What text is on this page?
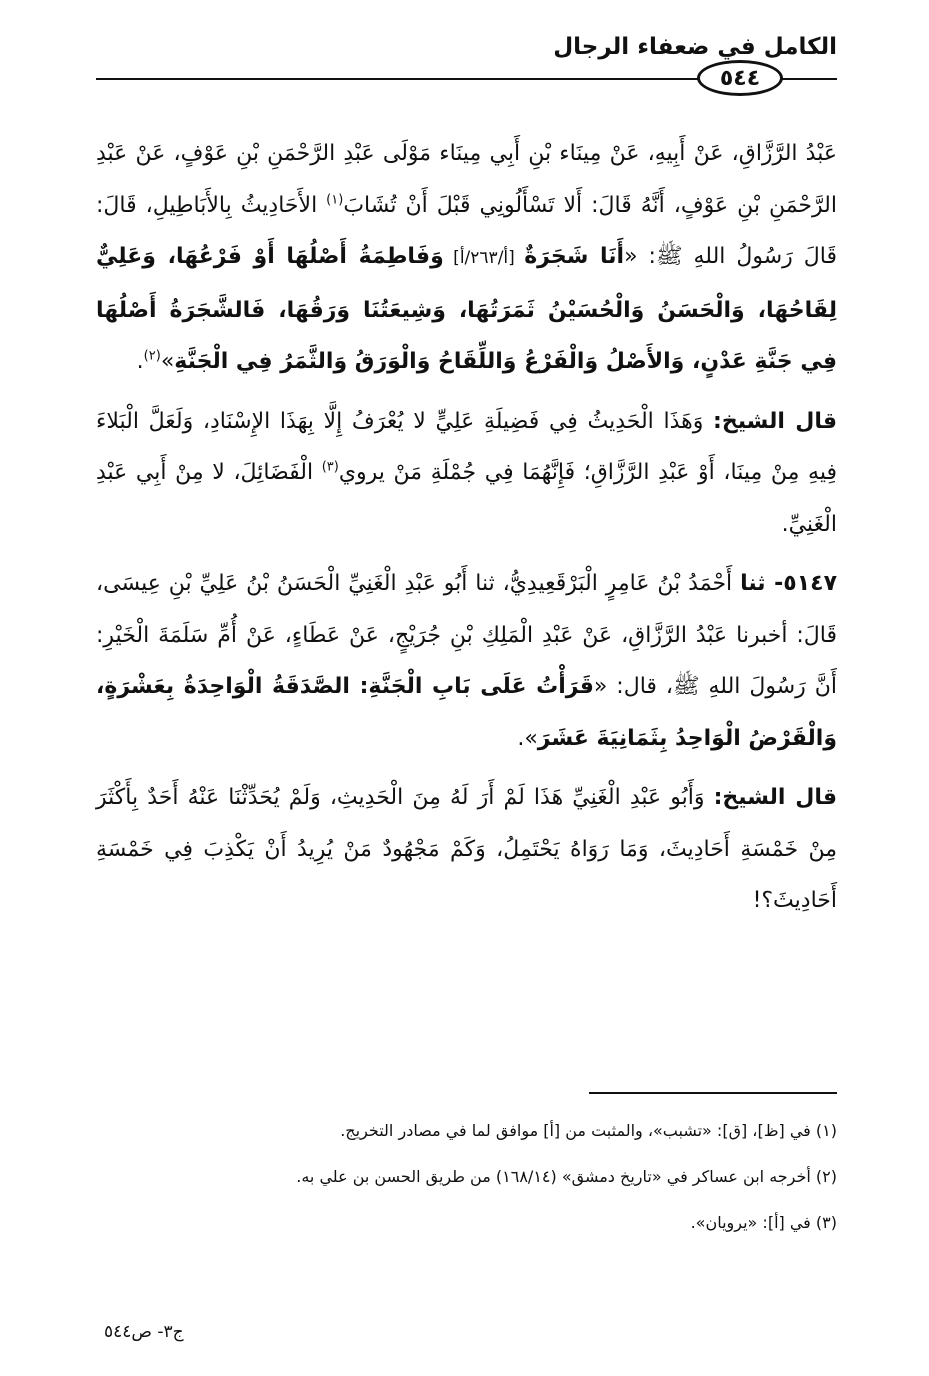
الكامل في ضعفاء الرجال
٥٤٤

عَبْدُ الرَّزَّاقِ، عَنْ أَبِيهِ، عَنْ مِينَاء بْنِ أَبِي مِينَاء مَوْلَى عَبْدِ الرَّحْمَنِ بْنِ عَوْفٍ، عَنْ عَبْدِ الرَّحْمَنِ بْنِ عَوْفٍ، أَنَّهُ قَالَ: أَلا تَسْأَلُونِي قَبْلَ أَنْ تُشَابَ$^{(١)}$ الأَحَادِيثُ بِالأَبَاطِيلِ، قَالَ: قَالَ رَسُولُ اللهِ ﷺ: «أَنَا شَجَرَةٌ [أ/٢٦٣/أ] وَفَاطِمَةُ أَصْلُهَا أَوْ فَرْعُهَا، وَعَلِيٌّ لِقَاحُهَا، وَالْحَسَنُ وَالْحُسَيْنُ ثَمَرَتُهَا، وَشِيعَتُنَا وَرَقُهَا، فَالشَّجَرَةُ أَصْلُهَا فِي جَنَّةِ عَدْنٍ، وَالأَصْلُ وَالْفَرْعُ وَاللِّقَاحُ وَالْوَرَقُ وَالثَّمَرُ فِي الْجَنَّةِ»$^{(٢)}$.

قال الشيخ: وَهَذَا الْحَدِيثُ فِي فَضِيلَةِ عَلِيٍّ لا يُعْرَفُ إِلَّا بِهَذَا الإِسْنَادِ، وَلَعَلَّ الْبَلاءَ فِيهِ مِنْ مِينَا، أَوْ عَبْدِ الرَّزَّاقِ؛ فَإِنَّهُمَا فِي جُمْلَةِ مَنْ يروي$^{(٣)}$ الْفَضَائِلَ، لا مِنْ أَبِي عَبْدِ الْغَنِيِّ.

٥١٤٧- ثنا أَحْمَدُ بْنُ عَامِرٍ الْبَرْقَعِيدِيُّ، ثنا أَبُو عَبْدِ الْغَنِيِّ الْحَسَنُ بْنُ عَلِيِّ بْنِ عِيسَى، قَالَ: أخبرنا عَبْدُ الرَّزَّاقِ، عَنْ عَبْدِ الْمَلِكِ بْنِ جُرَيْجٍ، عَنْ عَطَاءٍ، عَنْ أُمِّ سَلَمَةَ الْخَيْرِ: أَنَّ رَسُولَ اللهِ ﷺ، قال: «قَرَأْتُ عَلَى بَابِ الْجَنَّةِ: الصَّدَقَةُ الْوَاحِدَةُ بِعَشْرَةٍ، وَالْقَرْضُ الْوَاحِدُ بِثَمَانِيَةَ عَشَرَ».

قال الشيخ: وَأَبُو عَبْدِ الْغَنِيِّ هَذَا لَمْ أَرَ لَهُ مِنَ الْحَدِيثِ، وَلَمْ يُحَدِّثْنَا عَنْهُ أَحَدٌ بِأَكْثَرَ مِنْ خَمْسَةِ أَحَادِيثَ، وَمَا رَوَاهُ يَحْتَمِلُ، وَكَمْ مَجْهُودٌ مَنْ يُرِيدُ أَنْ يَكْذِبَ فِي خَمْسَةِ أَحَادِيثَ؟!

(١) في [ظ]، [ق]: «تشبب»، والمثبت من [أ] موافق لما في مصادر التخريج.
(٢) أخرجه ابن عساكر في «تاريخ دمشق» (١٦٨/١٤) من طريق الحسن بن علي به.
(٣) في [أ]: «يرويان».
ج٣- ص٥٤٤
